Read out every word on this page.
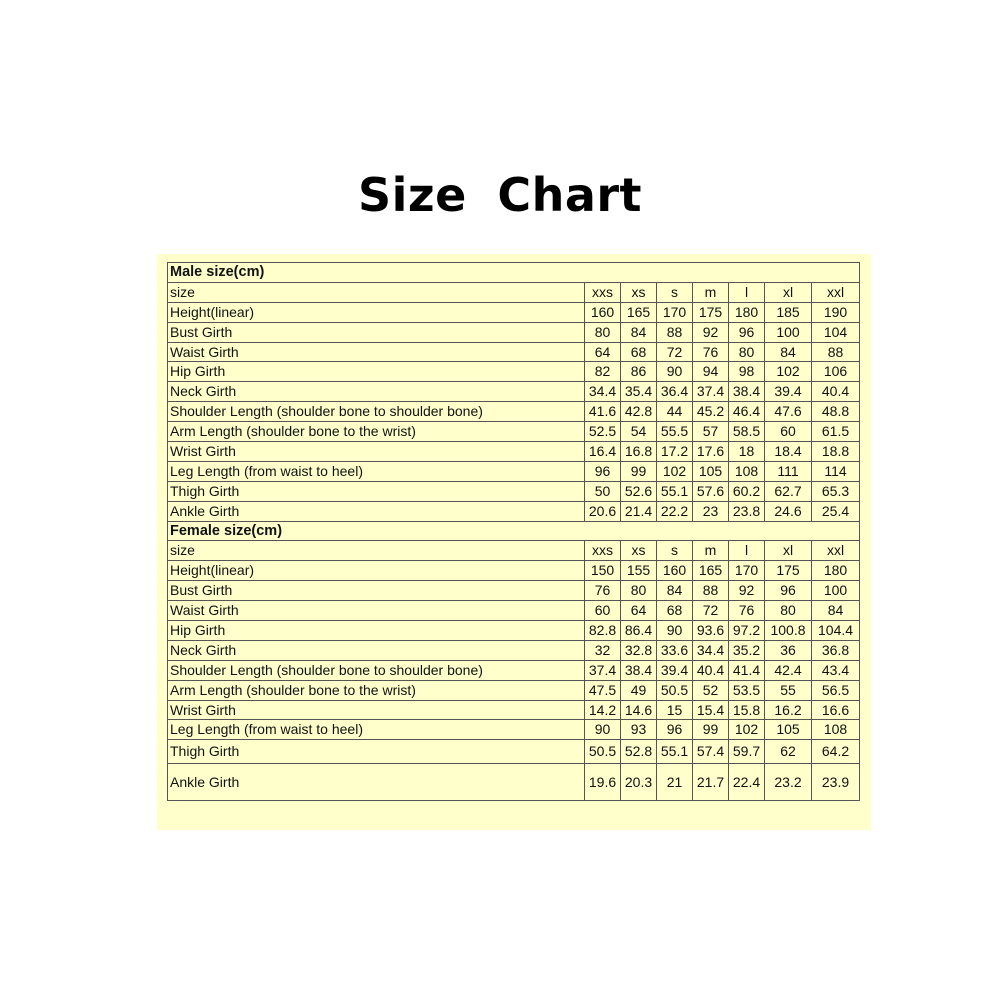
Size Chart
Male size(cm)							
size	xxs	xs	s	m	l	xl	xxl
Height(linear)	160	165	170	175	180	185	190
Bust Girth	80	84	88	92	96	100	104
Waist Girth	64	68	72	76	80	84	88
Hip Girth	82	86	90	94	98	102	106
Neck Girth	34.4	35.4	36.4	37.4	38.4	39.4	40.4
Shoulder Length (shoulder bone to shoulder bone)	41.6	42.8	44	45.2	46.4	47.6	48.8
Arm Length (shoulder bone to the wrist)	52.5	54	55.5	57	58.5	60	61.5
Wrist Girth	16.4	16.8	17.2	17.6	18	18.4	18.8
Leg Length (from waist to heel)	96	99	102	105	108	111	114
Thigh Girth	50	52.6	55.1	57.6	60.2	62.7	65.3
Ankle Girth	20.6	21.4	22.2	23	23.8	24.6	25.4
Female size(cm)							
size	xxs	xs	s	m	l	xl	xxl
Height(linear)	150	155	160	165	170	175	180
Bust Girth	76	80	84	88	92	96	100
Waist Girth	60	64	68	72	76	80	84
Hip Girth	82.8	86.4	90	93.6	97.2	100.8	104.4
Neck Girth	32	32.8	33.6	34.4	35.2	36	36.8
Shoulder Length (shoulder bone to shoulder bone)	37.4	38.4	39.4	40.4	41.4	42.4	43.4
Arm Length (shoulder bone to the wrist)	47.5	49	50.5	52	53.5	55	56.5
Wrist Girth	14.2	14.6	15	15.4	15.8	16.2	16.6
Leg Length (from waist to heel)	90	93	96	99	102	105	108
Thigh Girth	50.5	52.8	55.1	57.4	59.7	62	64.2
Ankle Girth	19.6	20.3	21	21.7	22.4	23.2	23.9
